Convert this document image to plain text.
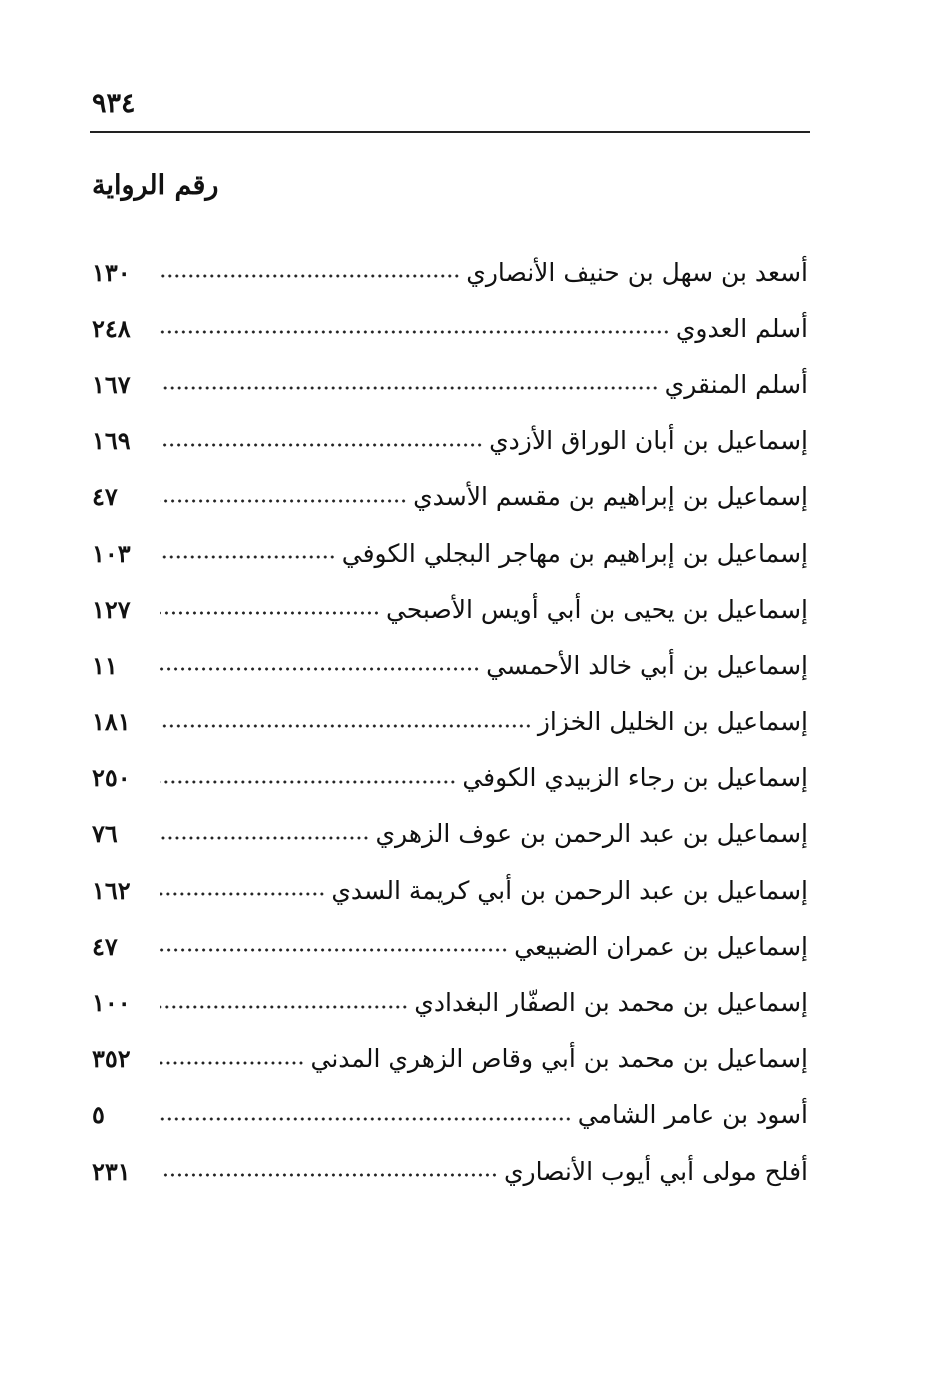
٩٣٤
رقم الرواية
١٣٠	أسعد بن سهل بن حنيف الأنصاري
٢٤٨	أسلم العدوي
١٦٧	أسلم المنقري
١٦٩	إسماعيل بن أبان الوراق الأزدي
٤٧	إسماعيل بن إبراهيم بن مقسم الأسدي
١٠٣	إسماعيل بن إبراهيم بن مهاجر البجلي الكوفي
١٢٧	إسماعيل بن يحيى بن أبي أويس الأصبحي
١١	إسماعيل بن أبي خالد الأحمسي
١٨١	إسماعيل بن الخليل الخزاز
٢٥٠	إسماعيل بن رجاء الزبيدي الكوفي
٧٦	إسماعيل بن عبد الرحمن بن عوف الزهري
١٦٢	إسماعيل بن عبد الرحمن بن أبي كريمة السدي
٤٧	إسماعيل بن عمران الضبيعي
١٠٠	إسماعيل بن محمد بن الصفّار البغدادي
٣٥٢	إسماعيل بن محمد بن أبي وقاص الزهري المدني
٥	أسود بن عامر الشامي
٢٣١	أفلح مولى أبي أيوب الأنصاري
